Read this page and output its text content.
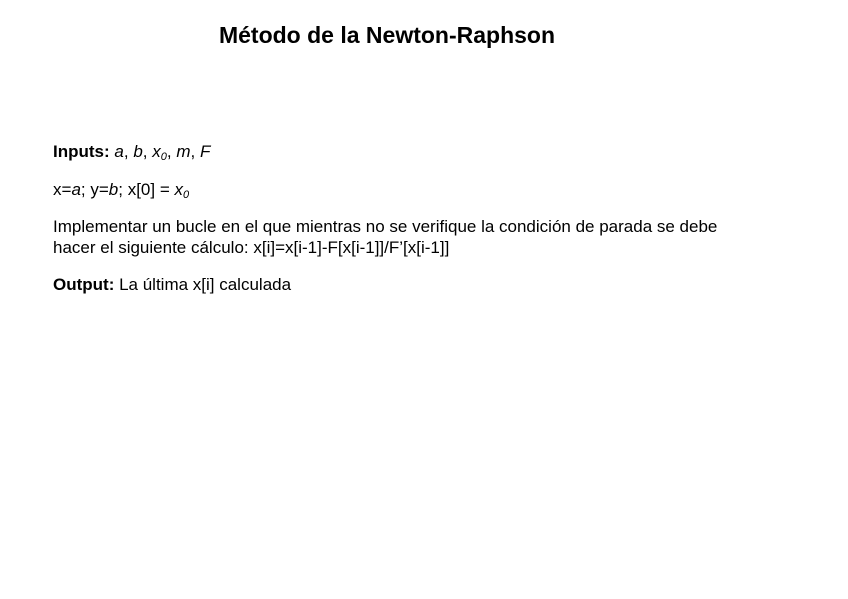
Método de la Newton-Raphson
Inputs: a, b, $x_0$, m, F
x=a; y=b; $x[0] = x_0$
Implementar un bucle en el que mientras no se verifique la condición de parada se debe
hacer el siguiente cálculo: x[i]=x[i-1]-F[x[i-1]]/F’[x[i-1]]
Output: La última x[i] calculada
